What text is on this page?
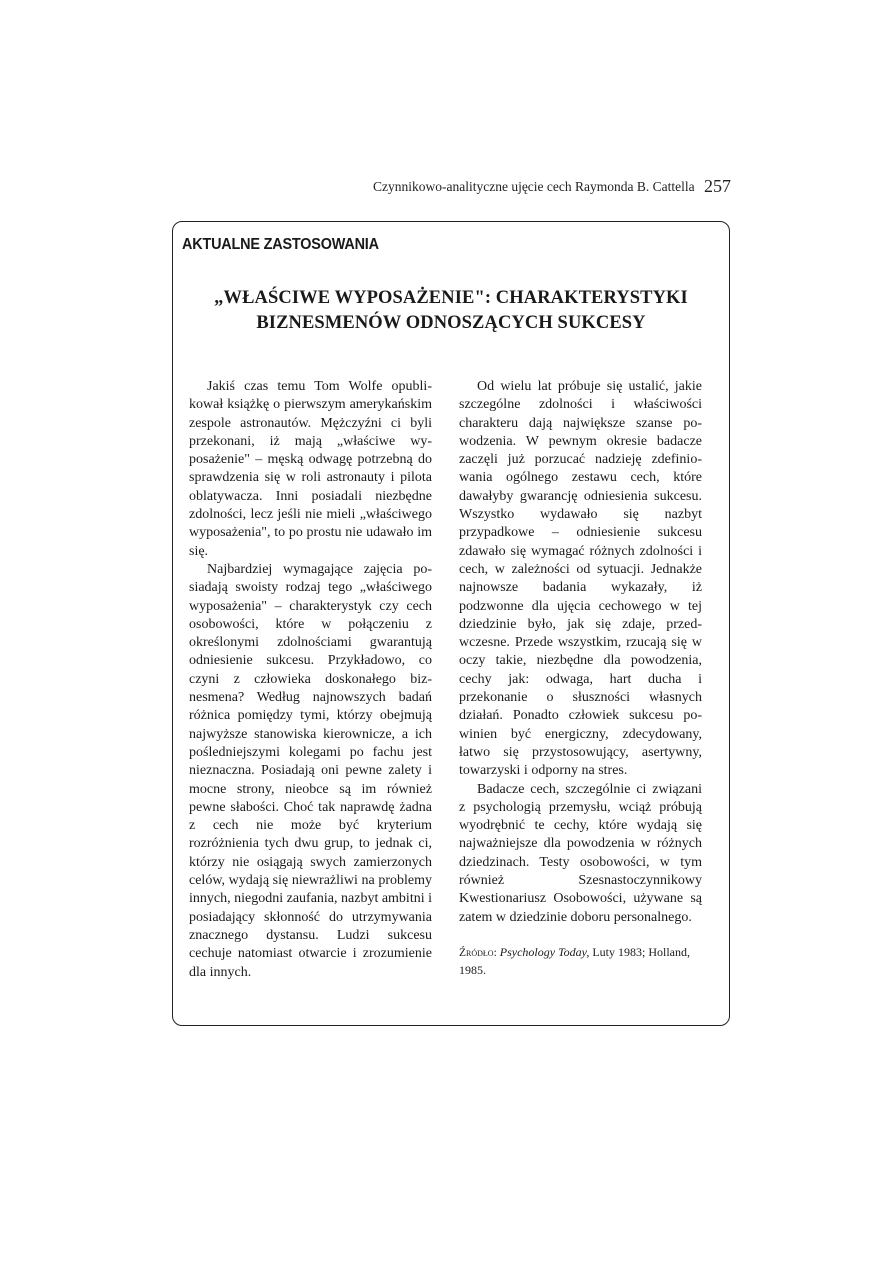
Czynnikowo-analityczne ujęcie cech Raymonda B. Cattella 257
AKTUALNE ZASTOSOWANIA
„WŁAŚCIWE WYPOSAŻENIE": CHARAKTERYSTYKI
BIZNESMENÓW ODNOSZĄCYCH SUKCESY

Jakiś czas temu Tom Wolfe opublikował książkę o pierwszym amerykańskim zespole astronautów. Mężczyźni ci byli przekonani, iż mają „właściwe wyposażenie" – męską odwagę potrzebną do sprawdzenia się w roli astronauty i pilota oblatywacza. Inni posiadali niezbędne zdolności, lecz jeśli nie mieli „właściwego wyposażenia", to po prostu nie udawało im się.

Najbardziej wymagające zajęcia posiadają swoisty rodzaj tego „właściwego wyposażenia" – charakterystyk czy cech osobowości, które w połączeniu z określonymi zdolnościami gwarantują odniesienie sukcesu. Przykładowo, co czyni z człowieka doskonałego biznesmena? Według najnowszych badań różnica pomiędzy tymi, którzy obejmują najwyższe stanowiska kierownicze, a ich pośledniejszymi kolegami po fachu jest nieznaczna. Posiadają oni pewne zalety i mocne strony, nieobce są im również pewne słabości. Choć tak naprawdę żadna z cech nie może być kryterium rozróżnienia tych dwu grup, to jednak ci, którzy nie osiągają swych zamierzonych celów, wydają się niewrażliwi na problemy innych, niegodni zaufania, nazbyt ambitni i posiadający skłonność do utrzymywania znacznego dystansu. Ludzi sukcesu cechuje natomiast otwarcie i zrozumienie dla innych.

Od wielu lat próbuje się ustalić, jakie szczególne zdolności i właściwości charakteru dają największe szanse powodzenia. W pewnym okresie badacze zaczęli już porzucać nadzieję zdefiniowania ogólnego zestawu cech, które dawałyby gwarancję odniesienia sukcesu. Wszystko wydawało się nazbyt przypadkowe – odniesienie sukcesu zdawało się wymagać różnych zdolności i cech, w zależności od sytuacji. Jednakże najnowsze badania wykazały, iż podzwonne dla ujęcia cechowego w tej dziedzinie było, jak się zdaje, przedwczesne. Przede wszystkim, rzucają się w oczy takie, niezbędne dla powodzenia, cechy jak: odwaga, hart ducha i przekonanie o słuszności własnych działań. Ponadto człowiek sukcesu powinien być energiczny, zdecydowany, łatwo się przystosowujący, asertywny, towarzyski i odporny na stres.

Badacze cech, szczególnie ci związani z psychologią przemysłu, wciąż próbują wyodrębnić te cechy, które wydają się najważniejsze dla powodzenia w różnych dziedzinach. Testy osobowości, w tym również Szesnastoczynnikowy Kwestionariusz Osobowości, używane są zatem w dziedzinie doboru personalnego.

Źródło: Psychology Today, Luty 1983; Holland, 1985.
